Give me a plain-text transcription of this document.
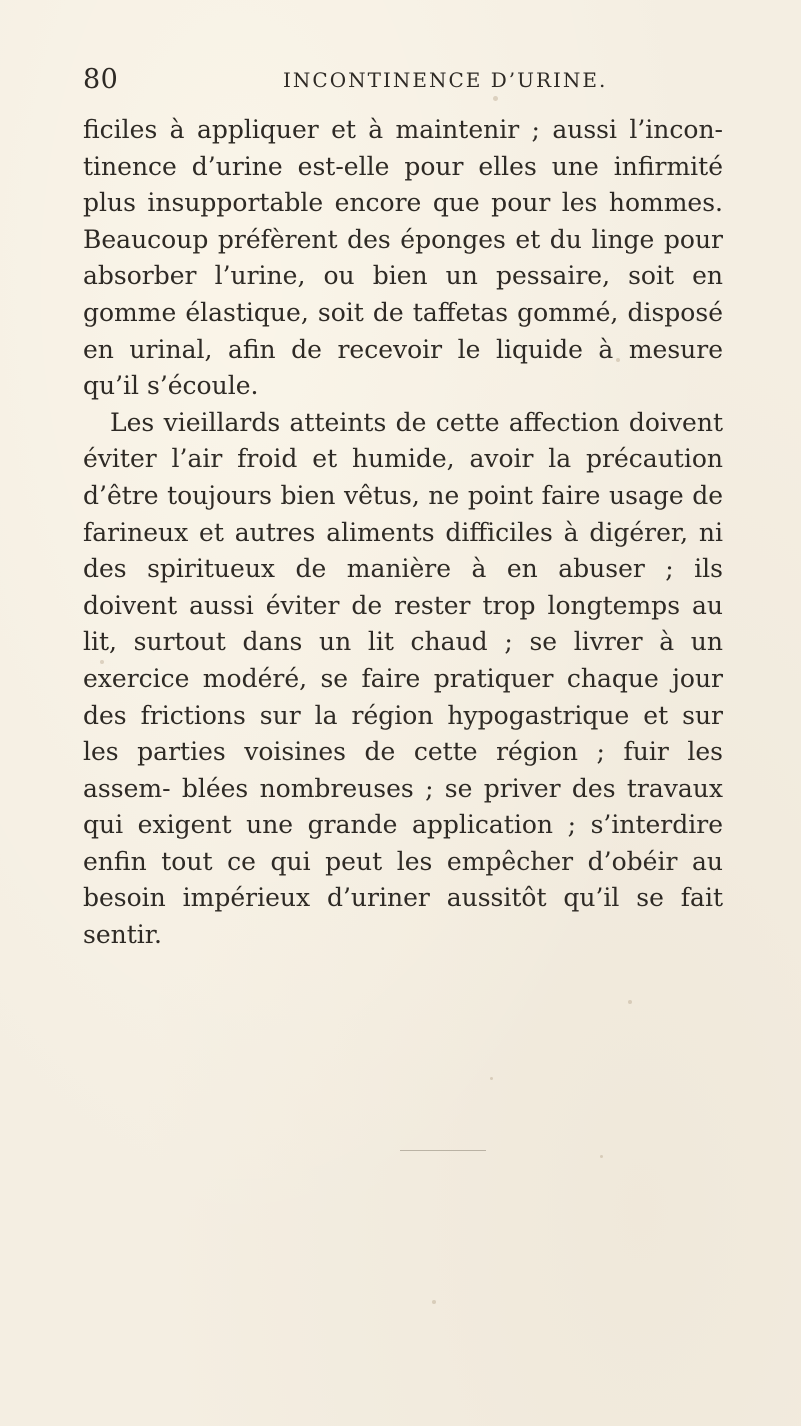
80	INCONTINENCE D’URINE.

ficiles à appliquer et à maintenir ; aussi l’incon- tinence d’urine est-elle pour elles une infirmité plus insupportable encore que pour les hommes. Beaucoup préfèrent des éponges et du linge pour absorber l’urine, ou bien un pessaire, soit en gomme élastique, soit de taffetas gommé, disposé en urinal, afin de recevoir le liquide à mesure qu’il s’écoule.

Les vieillards atteints de cette affection doivent éviter l’air froid et humide, avoir la précaution d’être toujours bien vêtus, ne point faire usage de farineux et autres aliments difficiles à digérer, ni des spiritueux de manière à en abuser ; ils doivent aussi éviter de rester trop longtemps au lit, surtout dans un lit chaud ; se livrer à un exercice modéré, se faire pratiquer chaque jour des frictions sur la région hypogastrique et sur les parties voisines de cette région ; fuir les assem- blées nombreuses ; se priver des travaux qui exigent une grande application ; s’interdire enfin tout ce qui peut les empêcher d’obéir au besoin impérieux d’uriner aussitôt qu’il se fait sentir.
